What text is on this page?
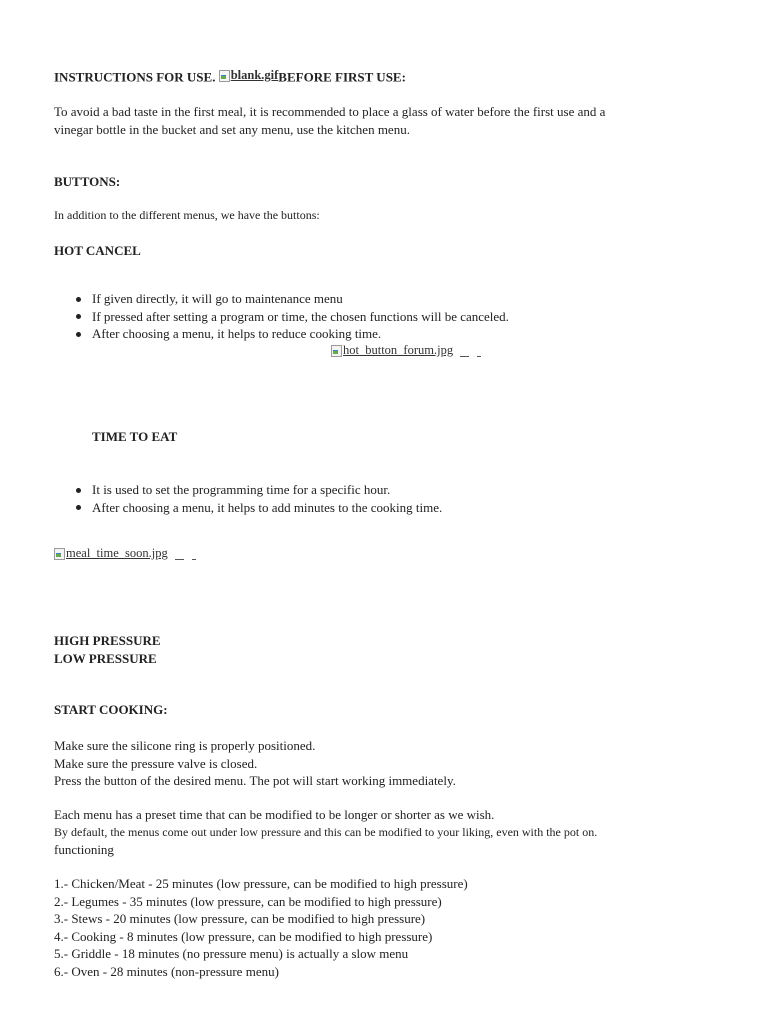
INSTRUCTIONS FOR USE. blank.gif BEFORE FIRST USE:
To avoid a bad taste in the first meal, it is recommended to place a glass of water before the first use and a
vinegar bottle in the bucket and set any menu, use the kitchen menu.
BUTTONS:
In addition to the different menus, we have the buttons:
HOT CANCEL
If given directly, it will go to maintenance menu
If pressed after setting a program or time, the chosen functions will be canceled.
After choosing a menu, it helps to reduce cooking time.
hot_button_forum.jpg
TIME TO EAT
It is used to set the programming time for a specific hour.
After choosing a menu, it helps to add minutes to the cooking time.
meal_time_soon.jpg
HIGH PRESSURE
LOW PRESSURE
START COOKING:
Make sure the silicone ring is properly positioned.
Make sure the pressure valve is closed.
Press the button of the desired menu. The pot will start working immediately.
Each menu has a preset time that can be modified to be longer or shorter as we wish.
By default, the menus come out under low pressure and this can be modified to your liking, even with the pot on.
functioning
1.- Chicken/Meat - 25 minutes (low pressure, can be modified to high pressure)
2.- Legumes - 35 minutes (low pressure, can be modified to high pressure)
3.- Stews - 20 minutes (low pressure, can be modified to high pressure)
4.- Cooking - 8 minutes (low pressure, can be modified to high pressure)
5.- Griddle - 18 minutes (no pressure menu) is actually a slow menu
6.- Oven - 28 minutes (non-pressure menu)
